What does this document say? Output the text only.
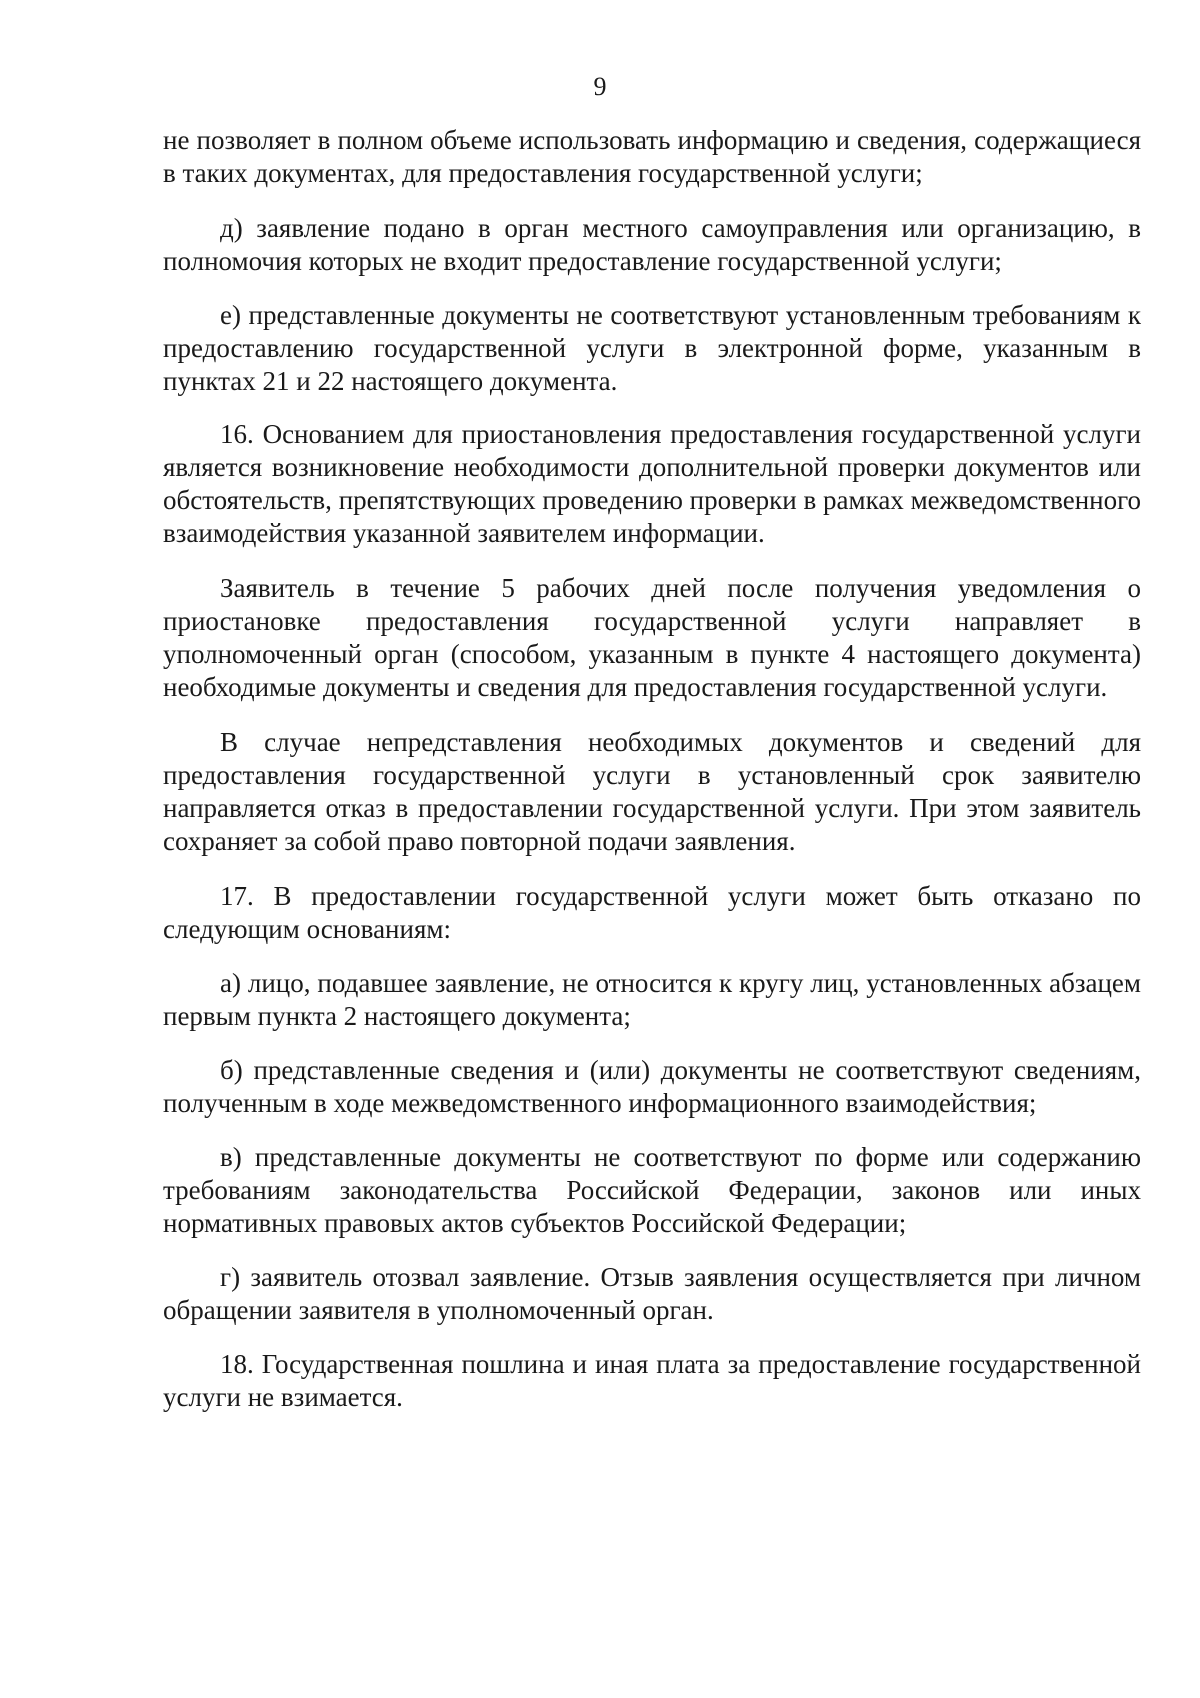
9

не позволяет в полном объеме использовать информацию и сведения, содержащиеся в таких документах, для предоставления государственной услуги;

д) заявление подано в орган местного самоуправления или организацию, в полномочия которых не входит предоставление государственной услуги;

е) представленные документы не соответствуют установленным требованиям к предоставлению государственной услуги в электронной форме, указанным в пунктах 21 и 22 настоящего документа.

16. Основанием для приостановления предоставления государственной услуги является возникновение необходимости дополнительной проверки документов или обстоятельств, препятствующих проведению проверки в рамках межведомственного взаимодействия указанной заявителем информации.

Заявитель в течение 5 рабочих дней после получения уведомления о приостановке предоставления государственной услуги направляет в уполномоченный орган (способом, указанным в пункте 4 настоящего документа) необходимые документы и сведения для предоставления государственной услуги.

В случае непредставления необходимых документов и сведений для предоставления государственной услуги в установленный срок заявителю направляется отказ в предоставлении государственной услуги. При этом заявитель сохраняет за собой право повторной подачи заявления.

17. В предоставлении государственной услуги может быть отказано по следующим основаниям:

а) лицо, подавшее заявление, не относится к кругу лиц, установленных абзацем первым пункта 2 настоящего документа;

б) представленные сведения и (или) документы не соответствуют сведениям, полученным в ходе межведомственного информационного взаимодействия;

в) представленные документы не соответствуют по форме или содержанию требованиям законодательства Российской Федерации, законов или иных нормативных правовых актов субъектов Российской Федерации;

г) заявитель отозвал заявление. Отзыв заявления осуществляется при личном обращении заявителя в уполномоченный орган.

18. Государственная пошлина и иная плата за предоставление государственной услуги не взимается.
